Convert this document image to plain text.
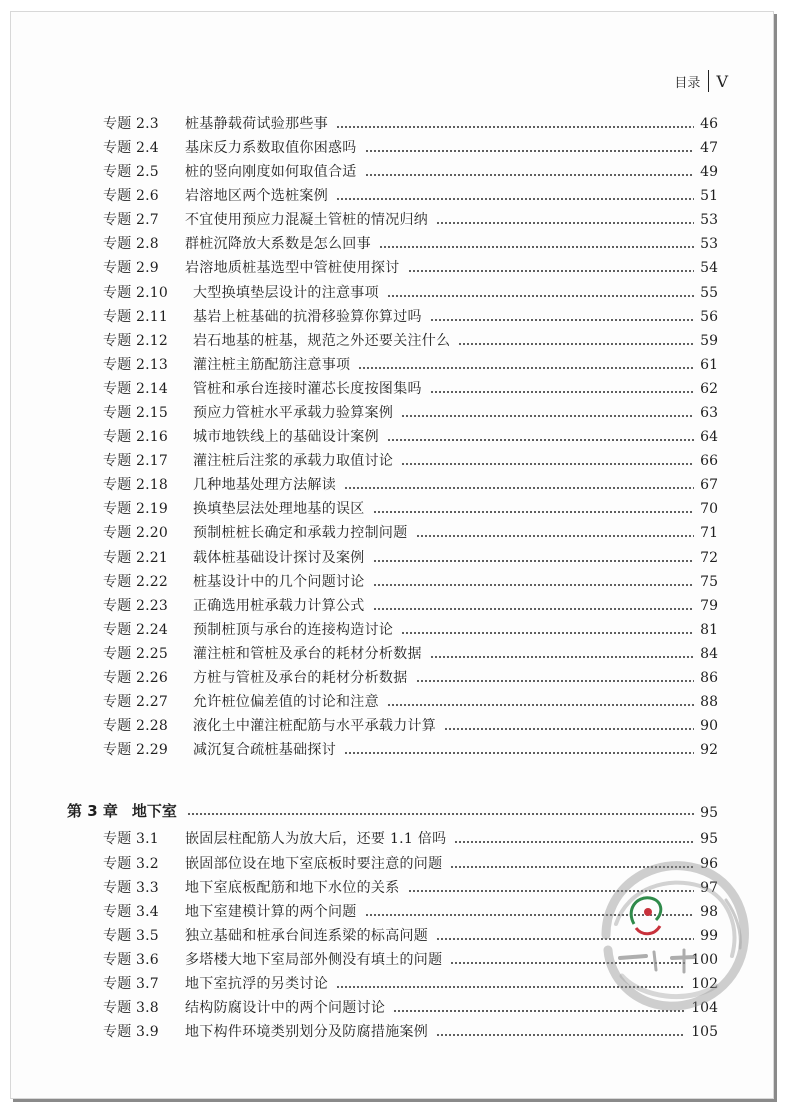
目录 V
专题 2.3	桩基静载荷试验那些事	46
专题 2.4	基床反力系数取值你困惑吗	47
专题 2.5	桩的竖向刚度如何取值合适	49
专题 2.6	岩溶地区两个选桩案例	51
专题 2.7	不宜使用预应力混凝土管桩的情况归纳	53
专题 2.8	群桩沉降放大系数是怎么回事	53
专题 2.9	岩溶地质桩基选型中管桩使用探讨	54
专题 2.10	大型换填垫层设计的注意事项	55
专题 2.11	基岩上桩基础的抗滑移验算你算过吗	56
专题 2.12	岩石地基的桩基，规范之外还要关注什么	59
专题 2.13	灌注桩主筋配筋注意事项	61
专题 2.14	管桩和承台连接时灌芯长度按图集吗	62
专题 2.15	预应力管桩水平承载力验算案例	63
专题 2.16	城市地铁线上的基础设计案例	64
专题 2.17	灌注桩后注浆的承载力取值讨论	66
专题 2.18	几种地基处理方法解读	67
专题 2.19	换填垫层法处理地基的误区	70
专题 2.20	预制桩桩长确定和承载力控制问题	71
专题 2.21	载体桩基础设计探讨及案例	72
专题 2.22	桩基设计中的几个问题讨论	75
专题 2.23	正确选用桩承载力计算公式	79
专题 2.24	预制桩顶与承台的连接构造讨论	81
专题 2.25	灌注桩和管桩及承台的耗材分析数据	84
专题 2.26	方桩与管桩及承台的耗材分析数据	86
专题 2.27	允许桩位偏差值的讨论和注意	88
专题 2.28	液化土中灌注桩配筋与水平承载力计算	90
专题 2.29	减沉复合疏桩基础探讨	92
第 3 章 地下室	95
专题 3.1	嵌固层柱配筋人为放大后，还要 1.1 倍吗	95
专题 3.2	嵌固部位设在地下室底板时要注意的问题	96
专题 3.3	地下室底板配筋和地下水位的关系	97
专题 3.4	地下室建模计算的两个问题	98
专题 3.5	独立基础和桩承台间连系梁的标高问题	99
专题 3.6	多塔楼大地下室局部外侧没有填土的问题	100
专题 3.7	地下室抗浮的另类讨论	102
专题 3.8	结构防腐设计中的两个问题讨论	104
专题 3.9	地下构件环境类别划分及防腐措施案例	105
